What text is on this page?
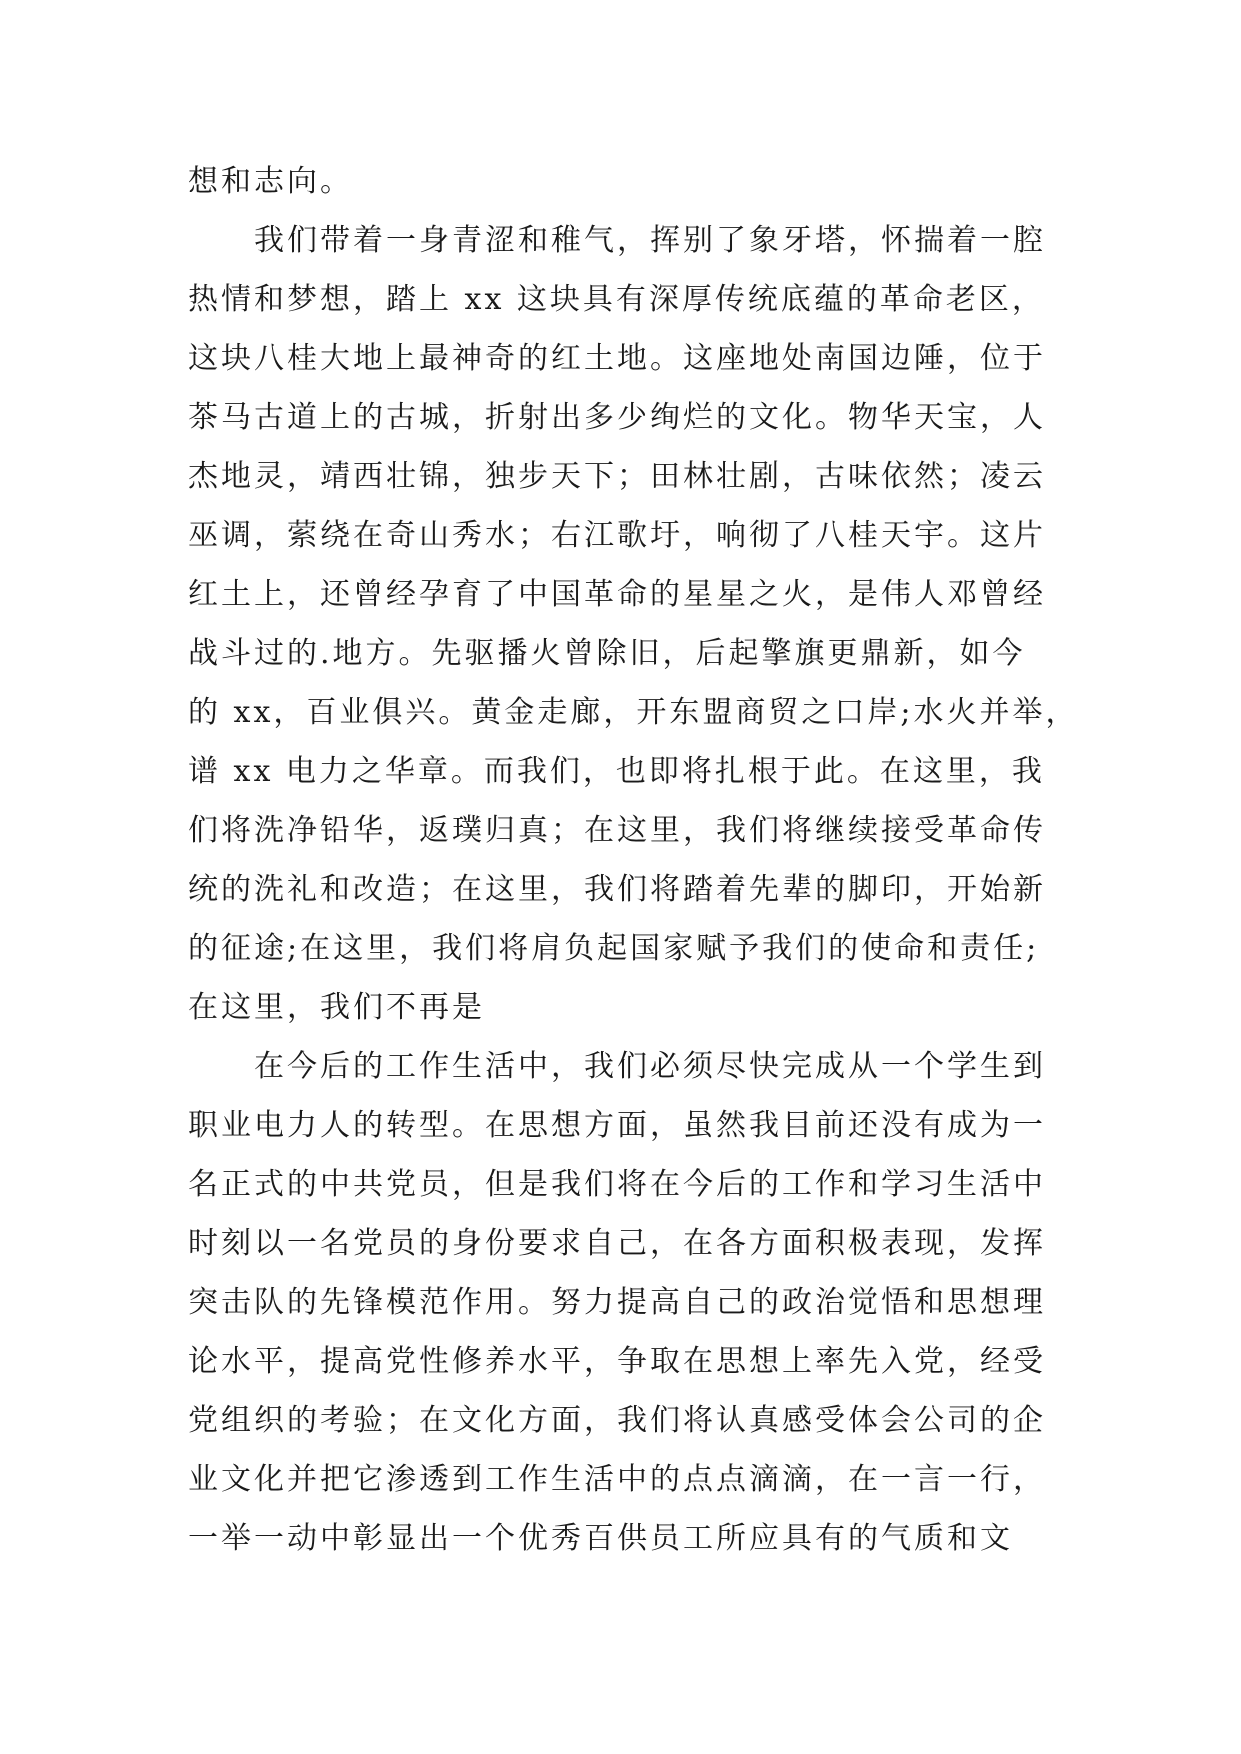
想和志向。
　　我们带着一身青涩和稚气，挥别了象牙塔，怀揣着一腔
热情和梦想，踏上 xx 这块具有深厚传统底蕴的革命老区，
这块八桂大地上最神奇的红土地。这座地处南国边陲，位于
茶马古道上的古城，折射出多少绚烂的文化。物华天宝，人
杰地灵，靖西壮锦，独步天下；田林壮剧，古味依然；凌云
巫调，萦绕在奇山秀水；右江歌圩，响彻了八桂天宇。这片
红土上，还曾经孕育了中国革命的星星之火，是伟人邓曾经
战斗过的.地方。先驱播火曾除旧，后起擎旗更鼎新，如今
的 xx，百业俱兴。黄金走廊，开东盟商贸之口岸;水火并举，
谱 xx 电力之华章。而我们，也即将扎根于此。在这里，我
们将洗净铅华，返璞归真；在这里，我们将继续接受革命传
统的洗礼和改造；在这里，我们将踏着先辈的脚印，开始新
的征途;在这里，我们将肩负起国家赋予我们的使命和责任;
在这里，我们不再是
　　在今后的工作生活中，我们必须尽快完成从一个学生到
职业电力人的转型。在思想方面，虽然我目前还没有成为一
名正式的中共党员，但是我们将在今后的工作和学习生活中
时刻以一名党员的身份要求自己，在各方面积极表现，发挥
突击队的先锋模范作用。努力提高自己的政治觉悟和思想理
论水平，提高党性修养水平，争取在思想上率先入党，经受
党组织的考验；在文化方面，我们将认真感受体会公司的企
业文化并把它渗透到工作生活中的点点滴滴，在一言一行，
一举一动中彰显出一个优秀百供员工所应具有的气质和文
